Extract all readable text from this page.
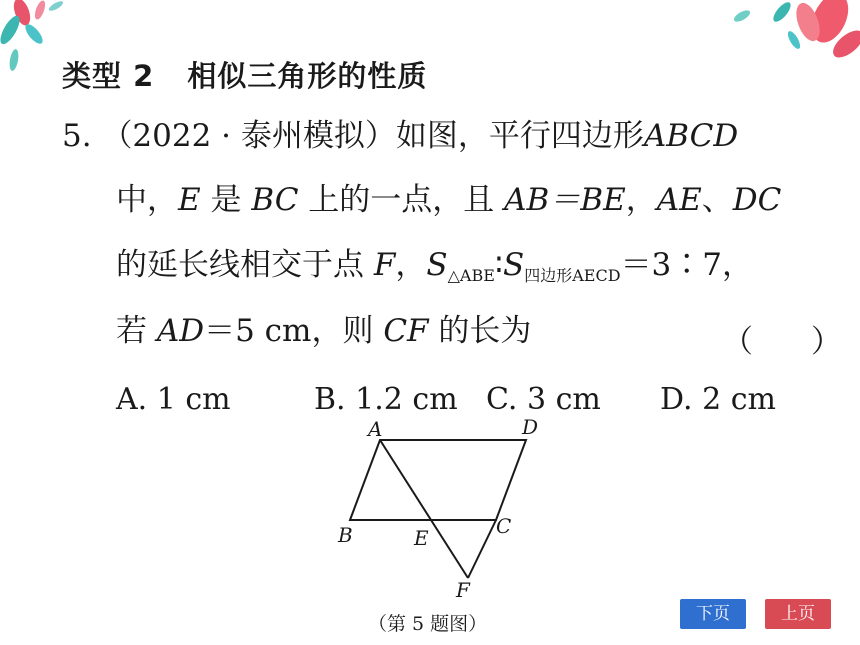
类型 2 相似三角形的性质
5. （2022 · 泰州模拟）如图，平行四边形ABCD
中，E 是 BC 上的一点，且 AB＝BE，AE、DC
的延长线相交于点 F，$S_{\triangle ABE}∶S_{四边形AECD}=3∶7$，
若 AD＝5 cm，则 CF 的长为	（ ）
A. 1 cm	B. 1.2 cm C. 3 cm D. 2 cm
A	D
B	E	C
F
（第 5 题图）	下页	上页
